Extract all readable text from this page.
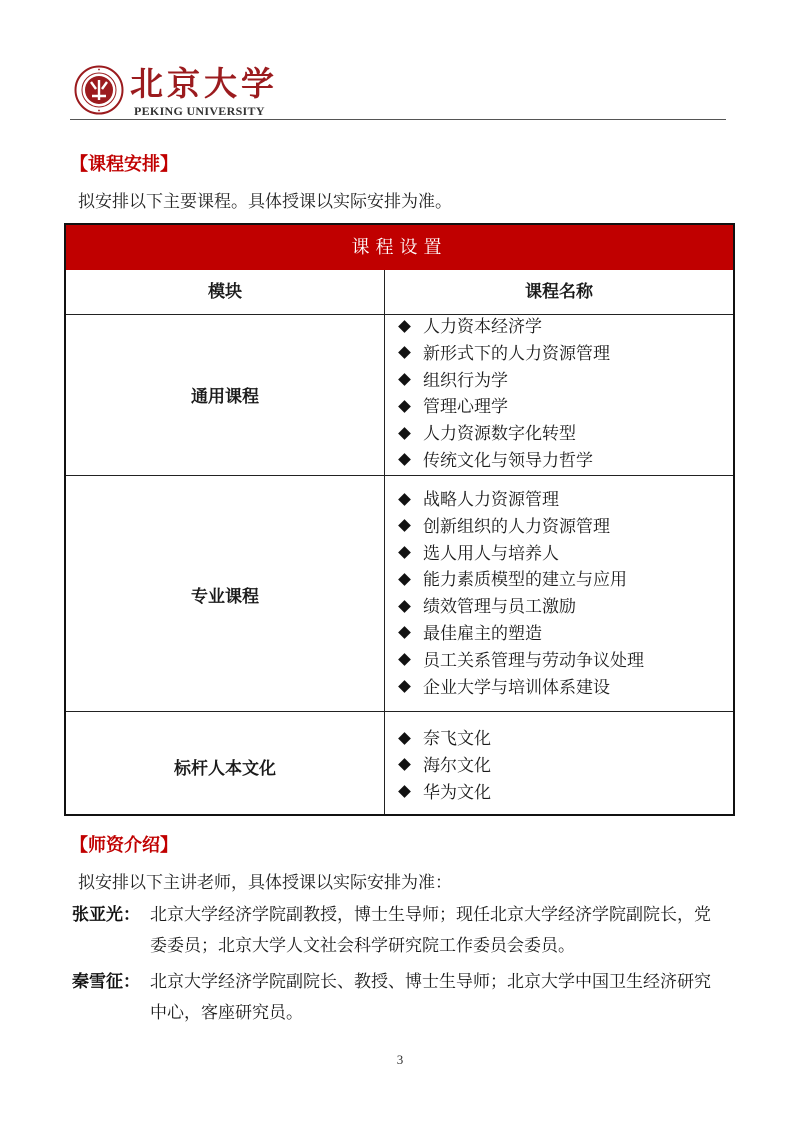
北京大学
PEKING UNIVERSITY
【课程安排】
拟安排以下主要课程。具体授课以实际安排为准。
课程设置
模块	课程名称
通用课程
人力资本经济学
新形式下的人力资源管理
组织行为学
管理心理学
人力资源数字化转型
传统文化与领导力哲学
专业课程
战略人力资源管理
创新组织的人力资源管理
选人用人与培养人
能力素质模型的建立与应用
绩效管理与员工激励
最佳雇主的塑造
员工关系管理与劳动争议处理
企业大学与培训体系建设
标杆人本文化
奈飞文化
海尔文化
华为文化
【师资介绍】
拟安排以下主讲老师，具体授课以实际安排为准：
张亚光： 北京大学经济学院副教授，博士生导师；现任北京大学经济学院副院长，党委委员；北京大学人文社会科学研究院工作委员会委员。
秦雪征： 北京大学经济学院副院长、教授、博士生导师；北京大学中国卫生经济研究中心，客座研究员。
3
